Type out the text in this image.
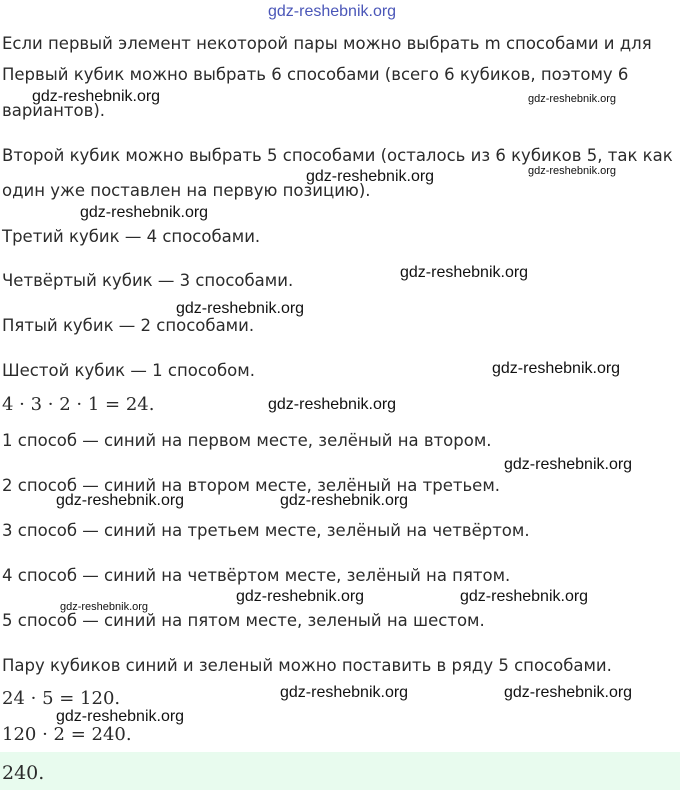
gdz-reshebnik.org

Если первый элемент некоторой пары можно выбрать m способами и для

Первый кубик можно выбрать 6 способами (всего 6 кубиков, поэтому 6

вариантов).

Второй кубик можно выбрать 5 способами (осталось из 6 кубиков 5, так как

один уже поставлен на первую позицию).

Третий кубик — 4 способами.

Четвёртый кубик — 3 способами.

Пятый кубик — 2 способами.

Шестой кубик — 1 способом.

4 · 3 · 2 · 1 = 24.

1 способ — синий на первом месте, зелёный на втором.

2 способ — синий на втором месте, зелёный на третьем.

3 способ — синий на третьем месте, зелёный на четвёртом.

4 способ — синий на четвёртом месте, зелёный на пятом.

5 способ — синий на пятом месте, зеленый на шестом.

Пару кубиков синий и зеленый можно поставить в ряду 5 способами.

24 · 5 = 120.

120 · 2 = 240.

240.

gdz-reshebnik.org	gdz-reshebnik.org
gdz-reshebnik.org	gdz-reshebnik.org
gdz-reshebnik.org
gdz-reshebnik.org
gdz-reshebnik.org
gdz-reshebnik.org
gdz-reshebnik.org
gdz-reshebnik.org
gdz-reshebnik.org	gdz-reshebnik.org
gdz-reshebnik.org
gdz-reshebnik.org	gdz-reshebnik.org
gdz-reshebnik.org	gdz-reshebnik.org
gdz-reshebnik.org
